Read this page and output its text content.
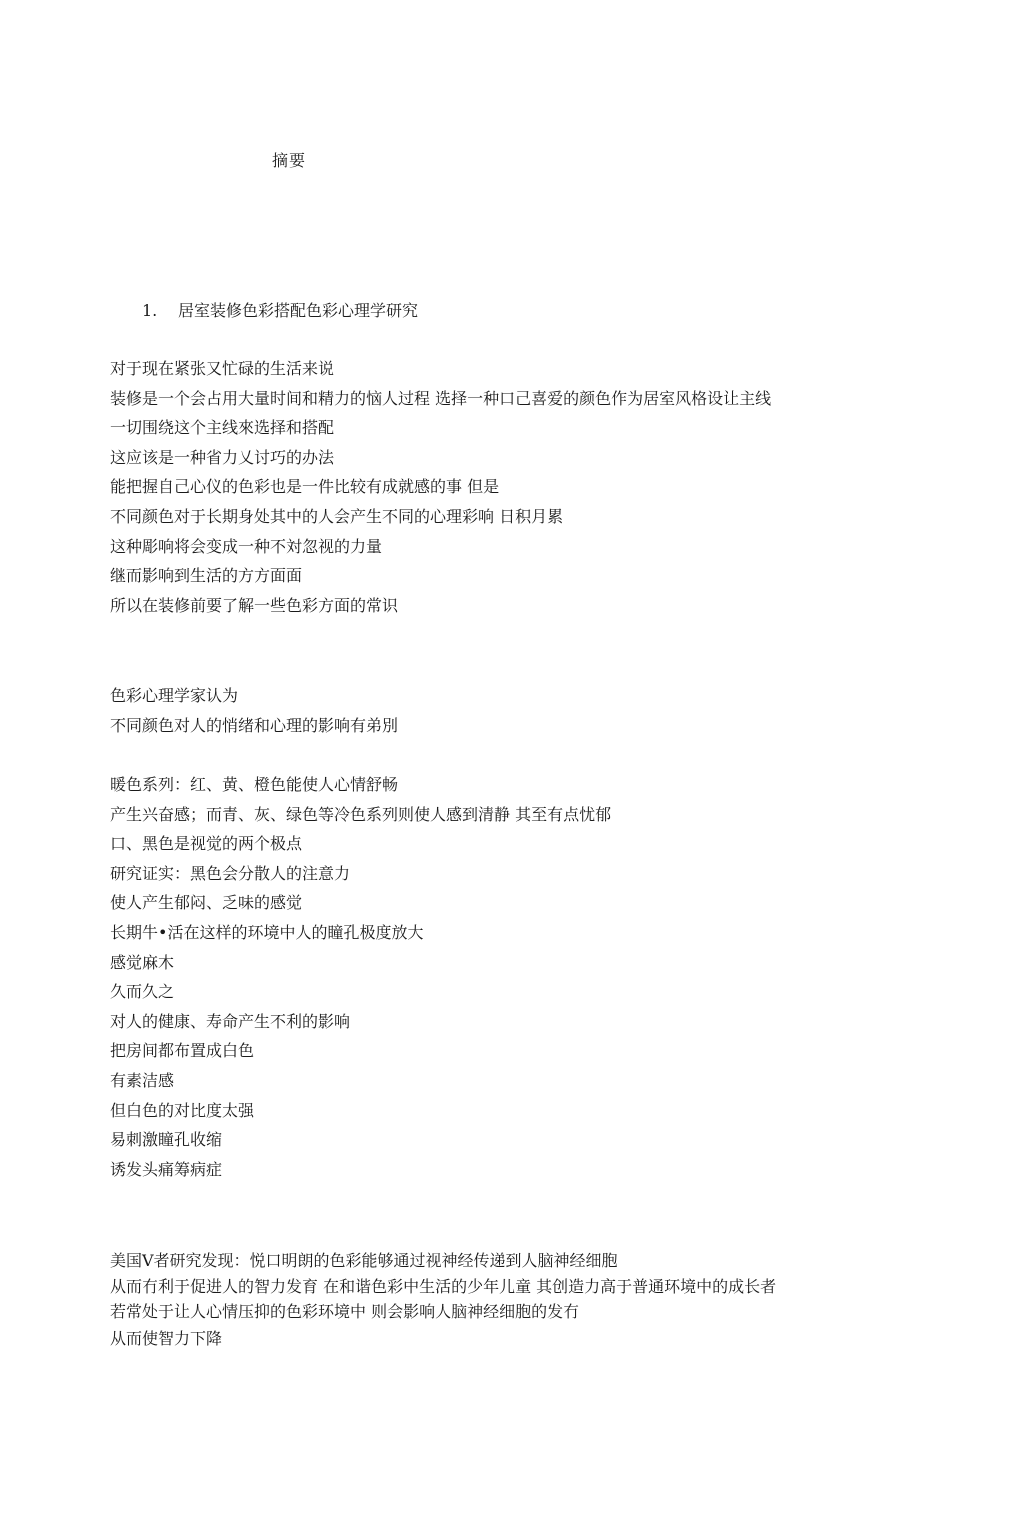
摘要
1. 居室装修色彩搭配色彩心理学研究
对于现在紧张又忙碌的生活来说
装修是一个会占用大量时间和精力的恼人过程 选择一种口己喜爱的颜色作为居室风格设让主线
一切围绕这个主线來选择和搭配
这应该是一种省力乂讨巧的办法
能把握自己心仪的色彩也是一件比较有成就感的事 但是
不同颜色对于长期身处其中的人会产生不同的心理彩响 日积月累
这种彫响将会变成一种不対忽视的力量
继而影响到生活的方方面面
所以在装修前要了解一些色彩方面的常识
色彩心理学家认为
不同颜色对人的悄绪和心理的影响有弟別
暖色系列：红、黄、橙色能使人心情舒畅
产生兴奋感；而青、灰、绿色等冷色系列则使人感到清静 其至有点忧郁
口、黑色是视觉的两个极点
研究证实：黑色会分散人的注意力
使人产生郁闷、乏味的感觉
长期牛•活在这样的环境中人的瞳孔极度放大
感觉麻木
久而久之
对人的健康、寿命产生不利的影响
把房间都布置成白色
有素洁感
但白色的对比度太强
易刺激瞳孔收缩
诱发头痛筹病症
美国V者研究发现：悦口明朗的色彩能够通过视神经传递到人脑神经细胞
从而冇利于促进人的智力发育 在和谐色彩中生活的少年儿童 其创造力高于普通环境中的成长者
若常处于让人心情压抑的色彩环境中 则会影响人脑神经细胞的发冇
从而使智力下降
